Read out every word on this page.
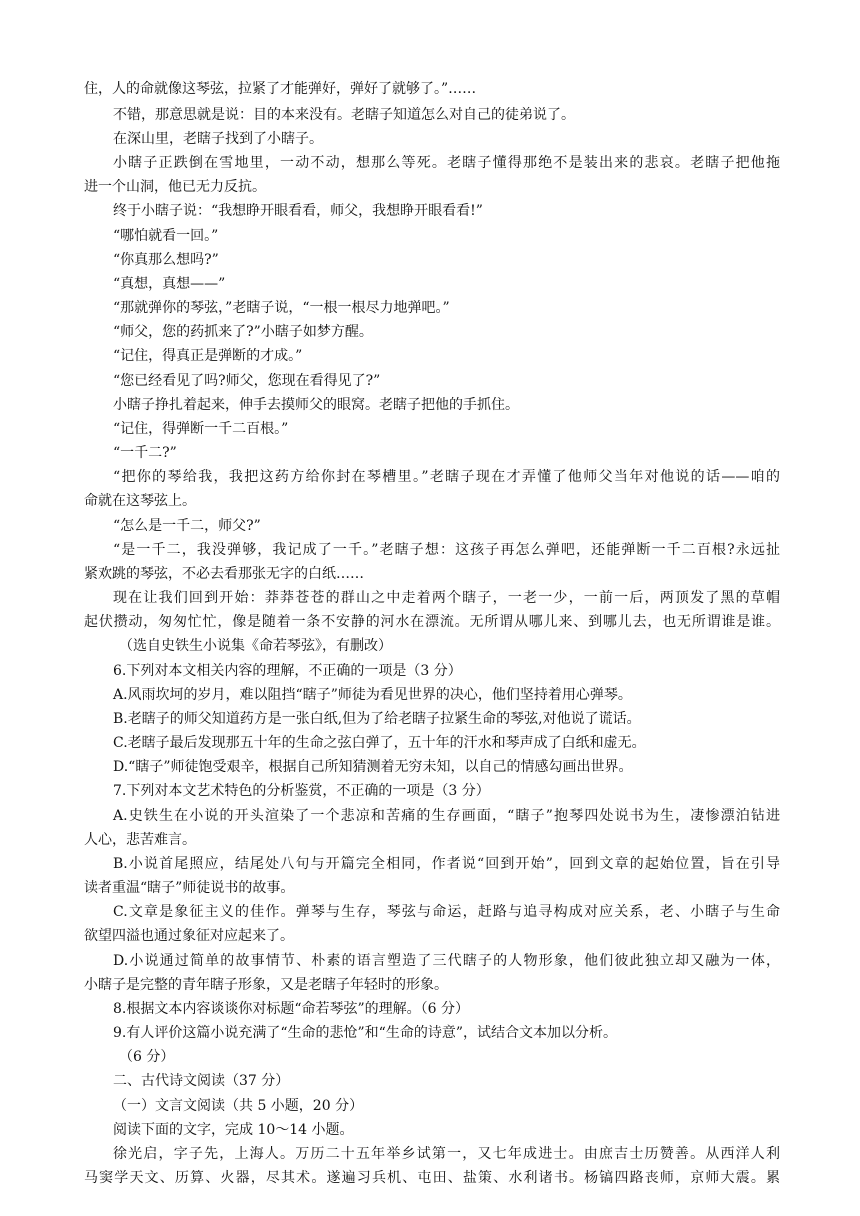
住，人的命就像这琴弦，拉紧了才能弹好，弹好了就够了。”……
不错，那意思就是说：目的本来没有。老瞎子知道怎么对自己的徒弟说了。
在深山里，老瞎子找到了小瞎子。
小瞎子正跌倒在雪地里，一动不动，想那么等死。老瞎子懂得那绝不是装出来的悲哀。老瞎子把他拖
进一个山洞，他已无力反抗。
终于小瞎子说：“我想睁开眼看看，师父，我想睁开眼看看!”
“哪怕就看一回。”
“你真那么想吗?”
“真想，真想——”
“那就弹你的琴弦，”老瞎子说，“一根一根尽力地弹吧。”
“师父，您的药抓来了?”小瞎子如梦方醒。
“记住，得真正是弹断的才成。”
“您已经看见了吗?师父，您现在看得见了?”
小瞎子挣扎着起来，伸手去摸师父的眼窝。老瞎子把他的手抓住。
“记住，得弹断一千二百根。”
“一千二?”
“把你的琴给我，我把这药方给你封在琴槽里。”老瞎子现在才弄懂了他师父当年对他说的话——咱的
命就在这琴弦上。
“怎么是一千二，师父?”
“是一千二，我没弹够，我记成了一千。”老瞎子想：这孩子再怎么弹吧，还能弹断一千二百根?永远扯
紧欢跳的琴弦，不必去看那张无字的白纸……
现在让我们回到开始：莽莽苍苍的群山之中走着两个瞎子，一老一少，一前一后，两顶发了黑的草帽
起伏攒动，匆匆忙忙，像是随着一条不安静的河水在漂流。无所谓从哪儿来、到哪儿去，也无所谓谁是谁。
（选自史铁生小说集《命若琴弦》，有删改）
6.下列对本文相关内容的理解，不正确的一项是（3 分）
A.风雨坎坷的岁月，难以阻挡“瞎子”师徒为看见世界的决心，他们坚持着用心弹琴。
B.老瞎子的师父知道药方是一张白纸,但为了给老瞎子拉紧生命的琴弦,对他说了谎话。
C.老瞎子最后发现那五十年的生命之弦白弹了，五十年的汗水和琴声成了白纸和虚无。
D.“瞎子”师徒饱受艰辛，根据自己所知猜测着无穷未知，以自己的情感勾画出世界。
7.下列对本文艺术特色的分析鉴赏，不正确的一项是（3 分）
A.史铁生在小说的开头渲染了一个悲凉和苦痛的生存画面，“瞎子”抱琴四处说书为生，凄惨漂泊钻进
人心，悲苦难言。
B.小说首尾照应，结尾处八句与开篇完全相同，作者说“回到开始”，回到文章的起始位置，旨在引导
读者重温“瞎子”师徒说书的故事。
C.文章是象征主义的佳作。弹琴与生存，琴弦与命运，赶路与追寻构成对应关系，老、小瞎子与生命
欲望四溢也通过象征对应起来了。
D.小说通过简单的故事情节、朴素的语言塑造了三代瞎子的人物形象，他们彼此独立却又融为一体，
小瞎子是完整的青年瞎子形象，又是老瞎子年轻时的形象。
8.根据文本内容谈谈你对标题“命若琴弦”的理解。（6 分）
9.有人评价这篇小说充满了“生命的悲怆”和“生命的诗意”，试结合文本加以分析。
（6 分）
二、古代诗文阅读（37 分）
（一）文言文阅读（共 5 小题，20 分）
阅读下面的文字，完成 10～14 小题。
徐光启，字子先，上海人。万历二十五年举乡试第一，又七年成进士。由庶吉士历赞善。从西洋人利
马窦学天文、历算、火器，尽其术。遂遍习兵机、屯田、盐策、水利诸书。杨镐四路丧师，京师大震。累
